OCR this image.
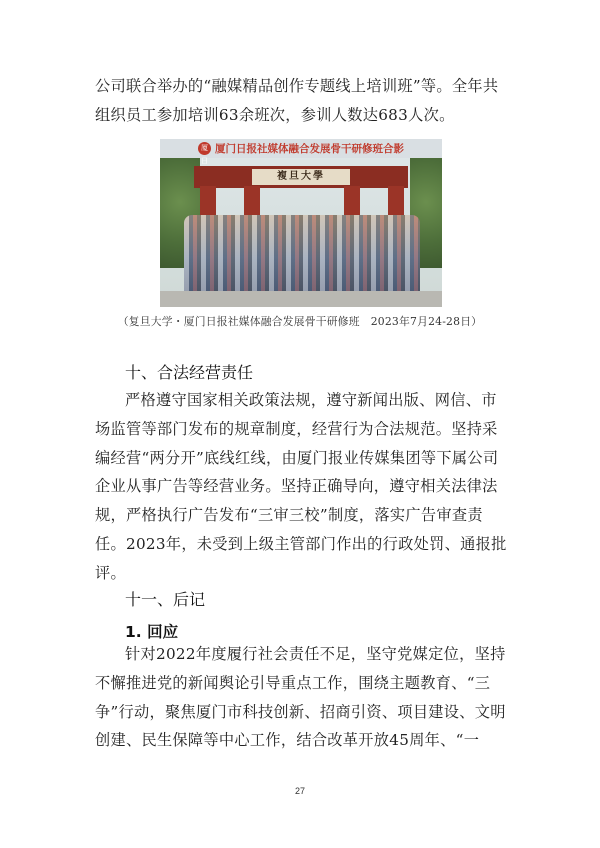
公司联合举办的“融媒精品创作专题线上培训班”等。全年共组织员工参加培训63余班次，参训人数达683人次。

複旦大學
厦日
厦门日报社媒体融合发展骨干研修班合影
（复旦大学・厦门日报社媒体融合发展骨干研修班　2023年7月24-28日）
十、合法经营责任

严格遵守国家相关政策法规，遵守新闻出版、网信、市场监管等部门发布的规章制度，经营行为合法规范。坚持采编经营“两分开”底线红线，由厦门报业传媒集团等下属公司企业从事广告等经营业务。坚持正确导向，遵守相关法律法规，严格执行广告发布“三审三校”制度，落实广告审查责任。2023年，未受到上级主管部门作出的行政处罚、通报批评。

十一、后记
1. 回应

针对2022年度履行社会责任不足，坚守党媒定位，坚持不懈推进党的新闻舆论引导重点工作，围绕主题教育、“三争”行动，聚焦厦门市科技创新、招商引资、项目建设、文明创建、民生保障等中心工作，结合改革开放45周年、“一

27
